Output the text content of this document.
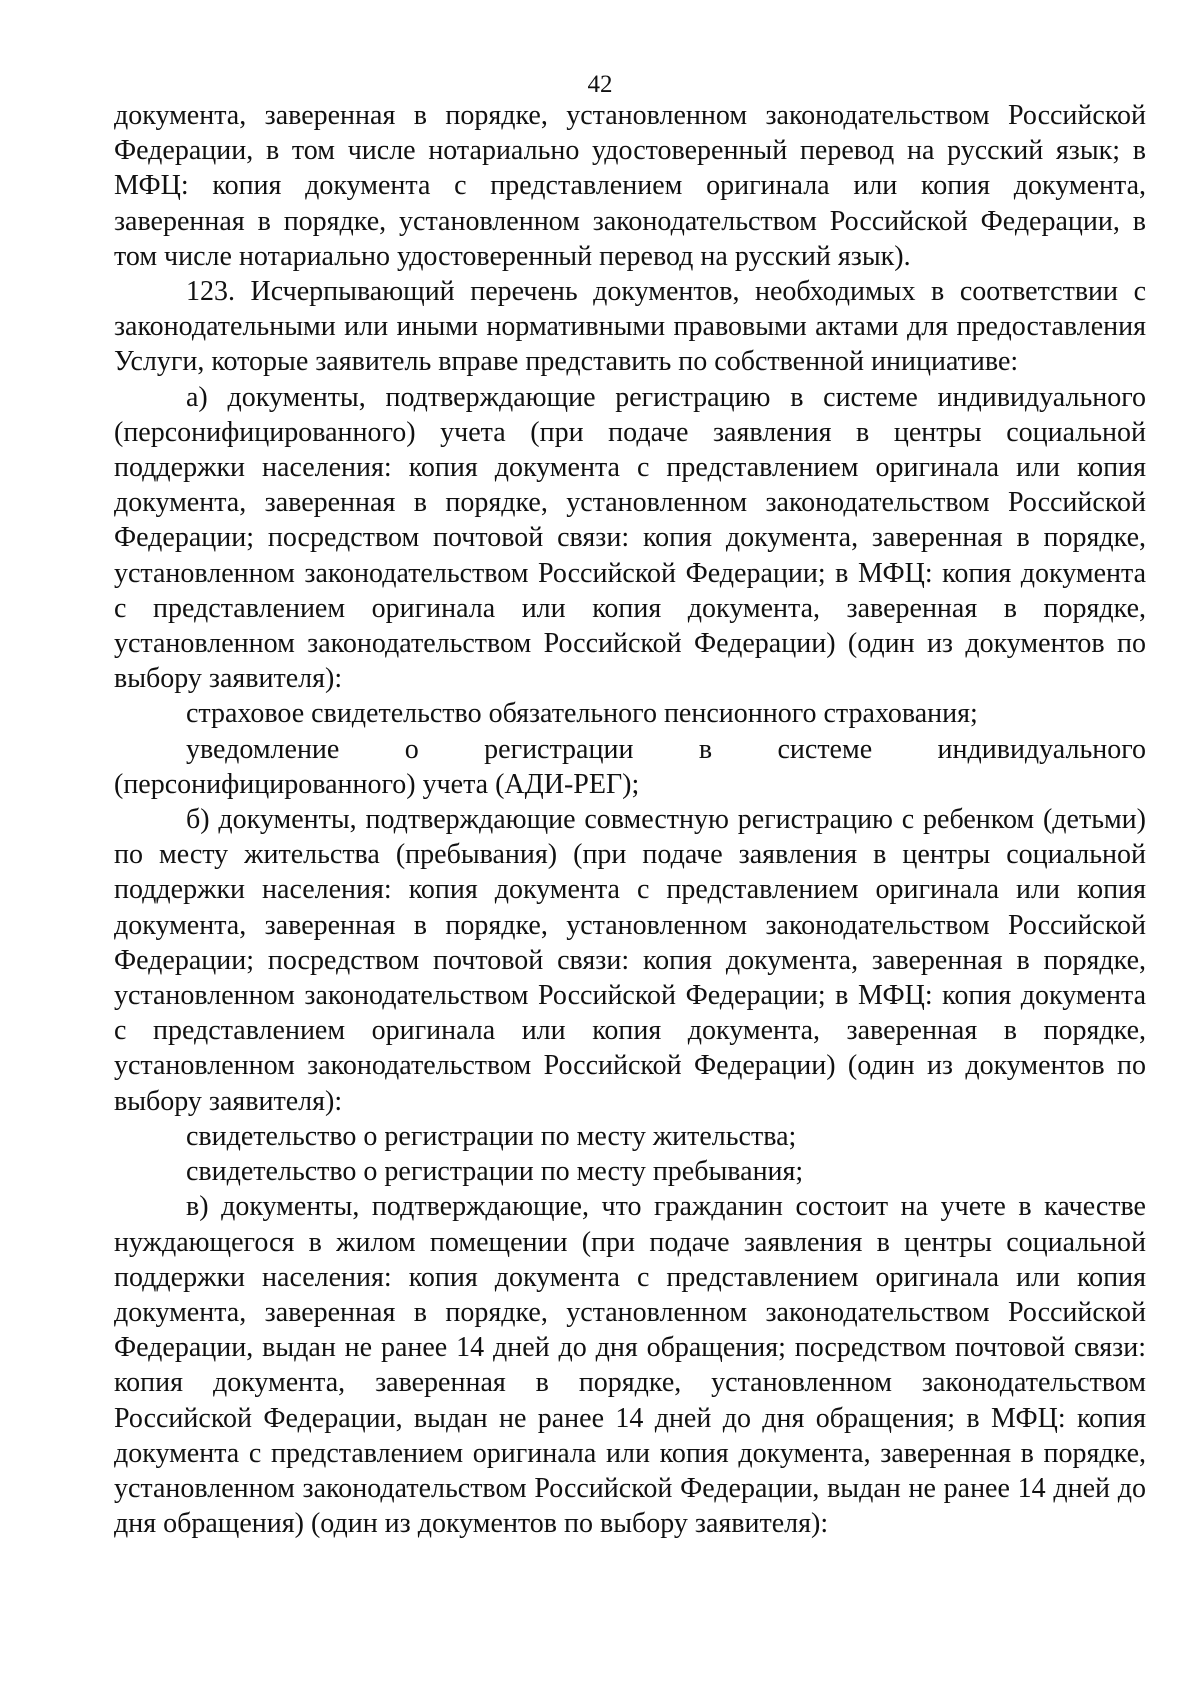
42

документа, заверенная в порядке, установленном законодательством Российской Федерации, в том числе нотариально удостоверенный перевод на русский язык; в МФЦ: копия документа с представлением оригинала или копия документа, заверенная в порядке, установленном законодательством Российской Федерации, в том числе нотариально удостоверенный перевод на русский язык).

123. Исчерпывающий перечень документов, необходимых в соответствии с законодательными или иными нормативными правовыми актами для предоставления Услуги, которые заявитель вправе представить по собственной инициативе:

а) документы, подтверждающие регистрацию в системе индивидуального (персонифицированного) учета (при подаче заявления в центры социальной поддержки населения: копия документа с представлением оригинала или копия документа, заверенная в порядке, установленном законодательством Российской Федерации; посредством почтовой связи: копия документа, заверенная в порядке, установленном законодательством Российской Федерации; в МФЦ: копия документа с представлением оригинала или копия документа, заверенная в порядке, установленном законодательством Российской Федерации) (один из документов по выбору заявителя):

страховое свидетельство обязательного пенсионного страхования;

уведомление о регистрации в системе индивидуального (персонифицированного) учета (АДИ-РЕГ);

б) документы, подтверждающие совместную регистрацию с ребенком (детьми) по месту жительства (пребывания) (при подаче заявления в центры социальной поддержки населения: копия документа с представлением оригинала или копия документа, заверенная в порядке, установленном законодательством Российской Федерации; посредством почтовой связи: копия документа, заверенная в порядке, установленном законодательством Российской Федерации; в МФЦ: копия документа с представлением оригинала или копия документа, заверенная в порядке, установленном законодательством Российской Федерации) (один из документов по выбору заявителя):

свидетельство о регистрации по месту жительства;

свидетельство о регистрации по месту пребывания;

в) документы, подтверждающие, что гражданин состоит на учете в качестве нуждающегося в жилом помещении (при подаче заявления в центры социальной поддержки населения: копия документа с представлением оригинала или копия документа, заверенная в порядке, установленном законодательством Российской Федерации, выдан не ранее 14 дней до дня обращения; посредством почтовой связи: копия документа, заверенная в порядке, установленном законодательством Российской Федерации, выдан не ранее 14 дней до дня обращения; в МФЦ: копия документа с представлением оригинала или копия документа, заверенная в порядке, установленном законодательством Российской Федерации, выдан не ранее 14 дней до дня обращения) (один из документов по выбору заявителя):
